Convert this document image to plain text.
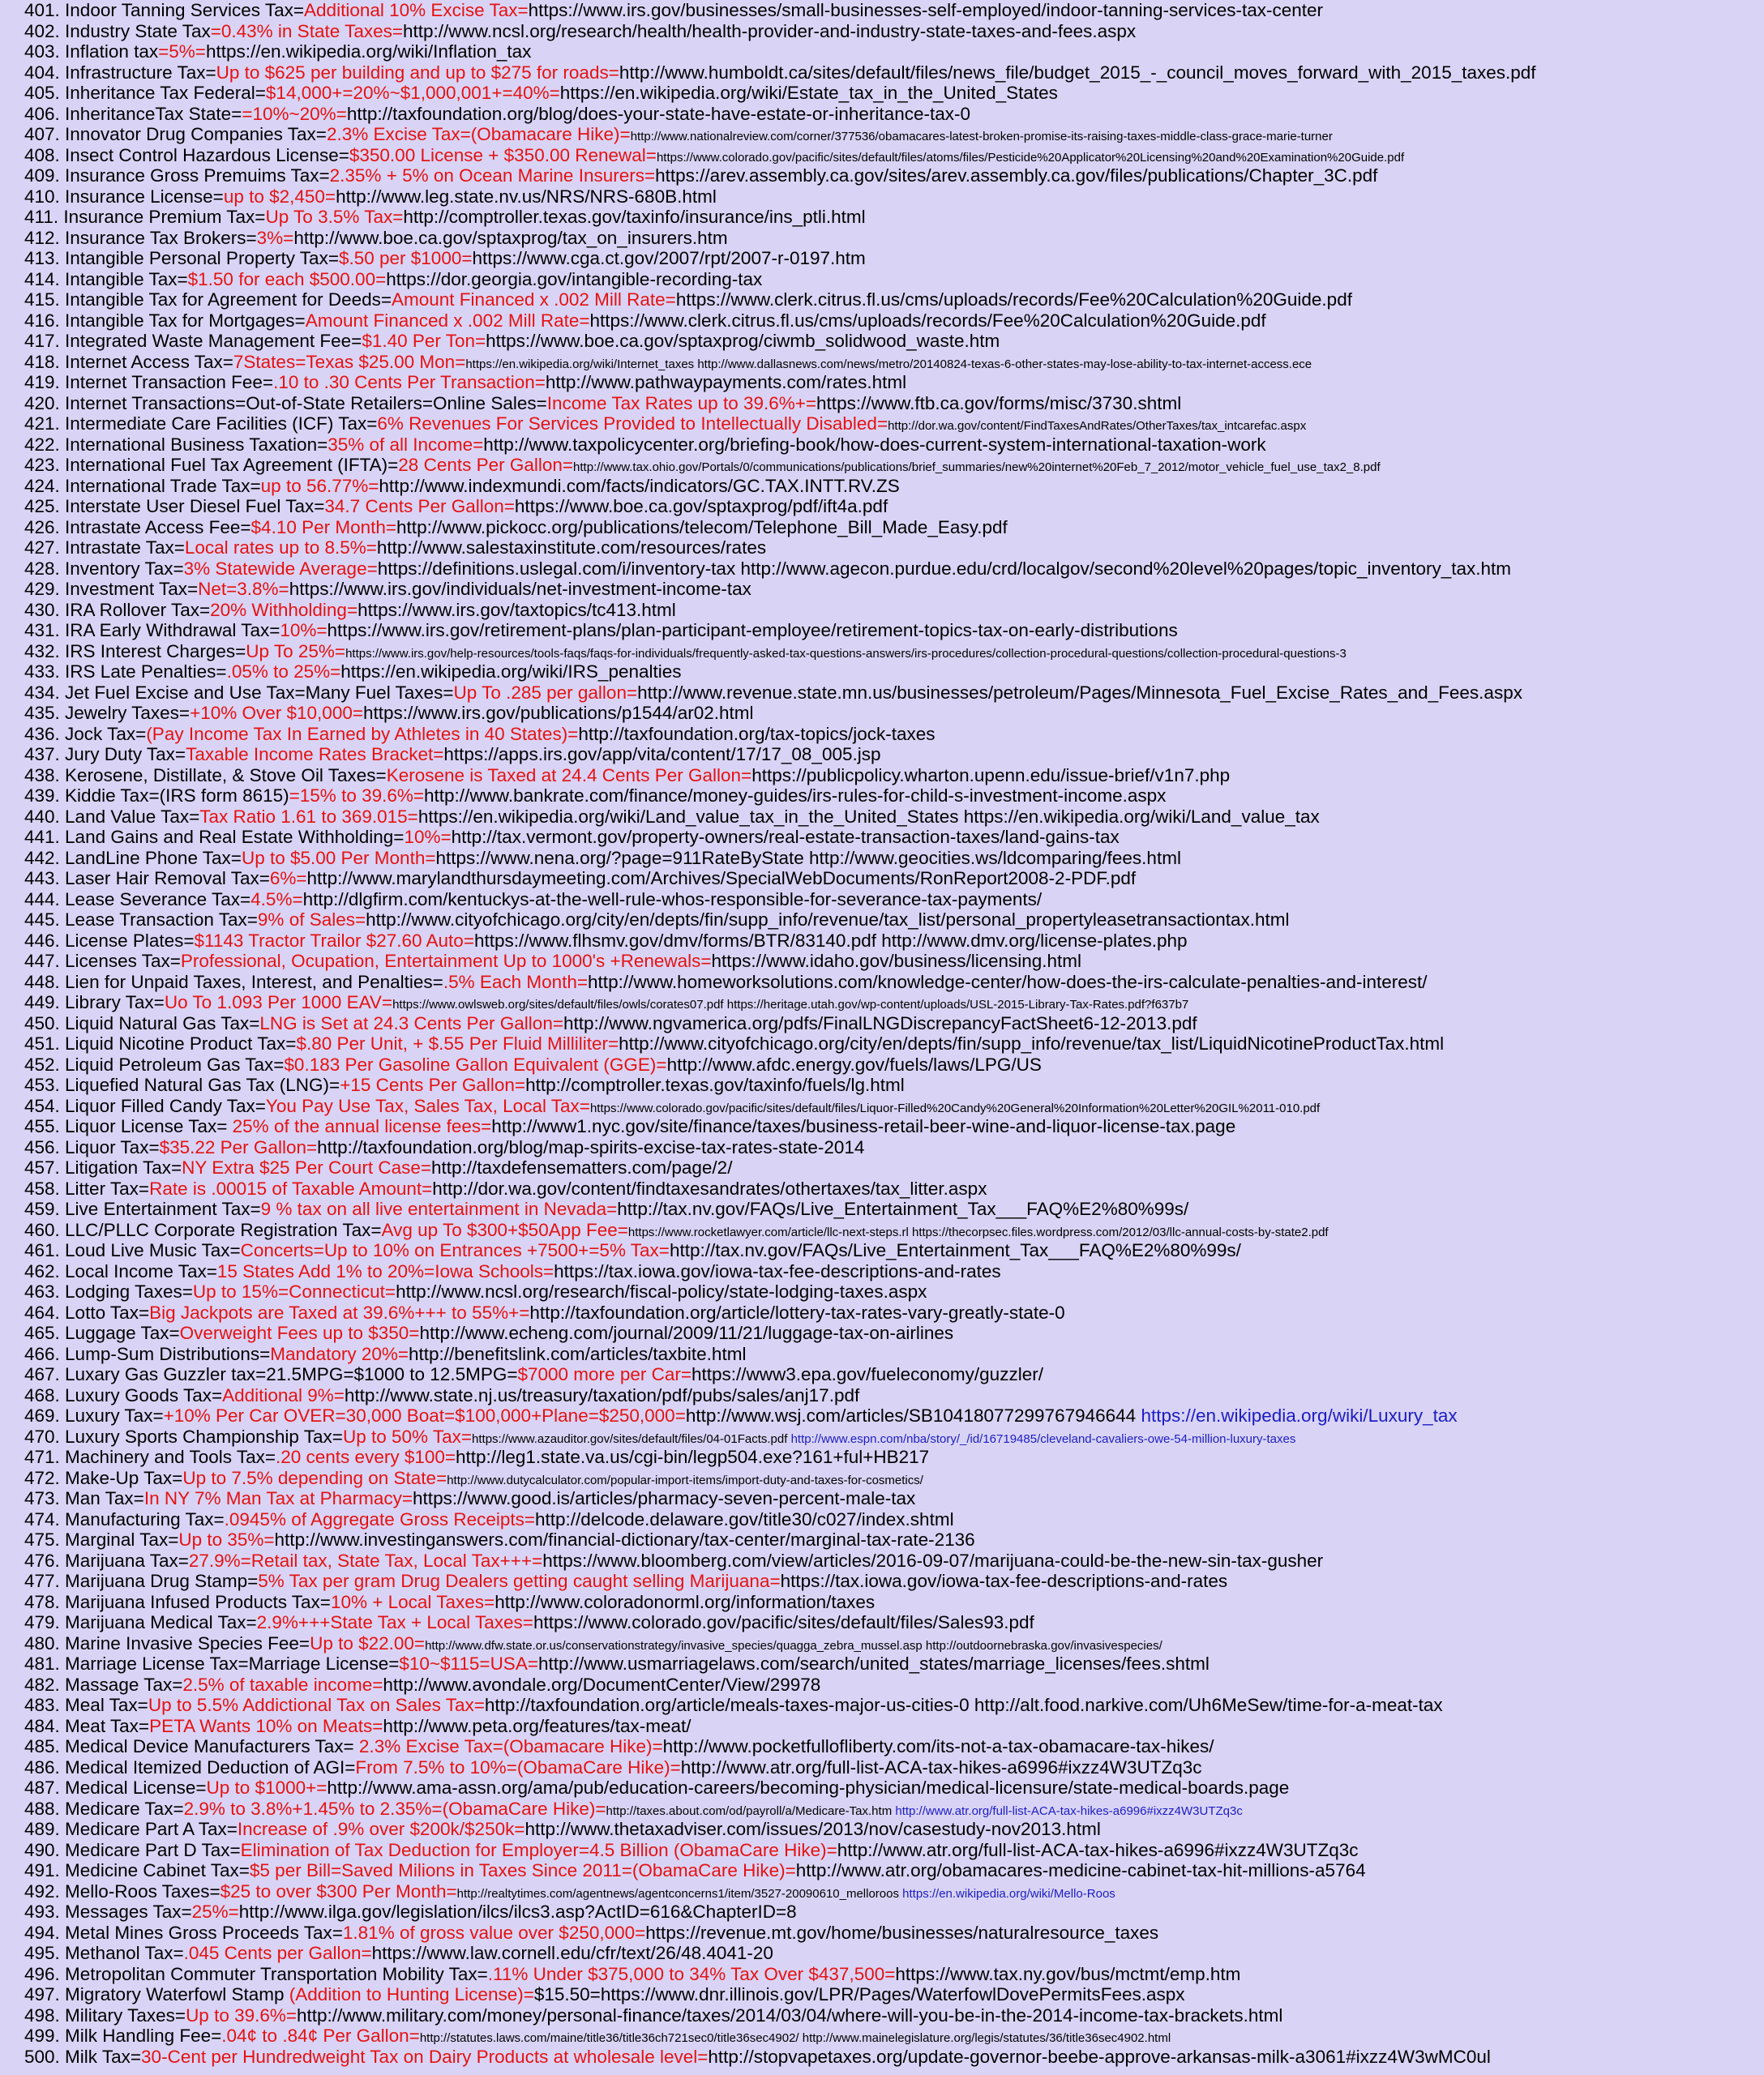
401. Indoor Tanning Services Tax=Additional 10% Excise Tax=https://www.irs.gov/businesses/small-businesses-self-employed/indoor-tanning-services-tax-center
402. Industry State Tax=0.43% in State Taxes=http://www.ncsl.org/research/health/health-provider-and-industry-state-taxes-and-fees.aspx
403. Inflation tax=5%=https://en.wikipedia.org/wiki/Inflation_tax
404. Infrastructure Tax=Up to $625 per building and up to $275 for roads=http://www.humboldt.ca/sites/default/files/news_file/budget_2015_-_council_moves_forward_with_2015_taxes.pdf
405. Inheritance Tax Federal=$14,000+=20%~$1,000,001+=40%=https://en.wikipedia.org/wiki/Estate_tax_in_the_United_States
406. InheritanceTax State==10%~20%=http://taxfoundation.org/blog/does-your-state-have-estate-or-inheritance-tax-0
407. Innovator Drug Companies Tax=2.3% Excise Tax=(Obamacare Hike)=http://www.nationalreview.com/corner/377536/obamacares-latest-broken-promise-its-raising-taxes-middle-class-grace-marie-turner
408. Insect Control Hazardous License=$350.00 License + $350.00 Renewal=https://www.colorado.gov/pacific/sites/default/files/atoms/files/Pesticide%20Applicator%20Licensing%20and%20Examination%20Guide.pdf
409. Insurance Gross Premuims Tax=2.35% + 5% on Ocean Marine Insurers=https://arev.assembly.ca.gov/sites/arev.assembly.ca.gov/files/publications/Chapter_3C.pdf
410. Insurance License=up to $2,450=http://www.leg.state.nv.us/NRS/NRS-680B.html
411. Insurance Premium Tax=Up To 3.5% Tax=http://comptroller.texas.gov/taxinfo/insurance/ins_ptli.html
412. Insurance Tax Brokers=3%=http://www.boe.ca.gov/sptaxprog/tax_on_insurers.htm
413. Intangible Personal Property Tax=$.50 per $1000=https://www.cga.ct.gov/2007/rpt/2007-r-0197.htm
414. Intangible Tax=$1.50 for each $500.00=https://dor.georgia.gov/intangible-recording-tax
415. Intangible Tax for Agreement for Deeds=Amount Financed x .002 Mill Rate=https://www.clerk.citrus.fl.us/cms/uploads/records/Fee%20Calculation%20Guide.pdf
416. Intangible Tax for Mortgages=Amount Financed x .002 Mill Rate=https://www.clerk.citrus.fl.us/cms/uploads/records/Fee%20Calculation%20Guide.pdf
417. Integrated Waste Management Fee=$1.40 Per Ton=https://www.boe.ca.gov/sptaxprog/ciwmb_solidwood_waste.htm
418. Internet Access Tax=7States=Texas $25.00 Mon=https://en.wikipedia.org/wiki/Internet_taxes http://www.dallasnews.com/news/metro/20140824-texas-6-other-states-may-lose-ability-to-tax-internet-access.ece
419. Internet Transaction Fee=.10 to .30 Cents Per Transaction=http://www.pathwaypayments.com/rates.html
420. Internet Transactions=Out-of-State Retailers=Online Sales=Income Tax Rates up to 39.6%+=https://www.ftb.ca.gov/forms/misc/3730.shtml
421. Intermediate Care Facilities (ICF) Tax=6% Revenues For Services Provided to Intellectually Disabled=http://dor.wa.gov/content/FindTaxesAndRates/OtherTaxes/tax_intcarefac.aspx
422. International Business Taxation=35% of all Income=http://www.taxpolicycenter.org/briefing-book/how-does-current-system-international-taxation-work
423. International Fuel Tax Agreement (IFTA)=28 Cents Per Gallon=http://www.tax.ohio.gov/Portals/0/communications/publications/brief_summaries/new%20internet%20Feb_7_2012/motor_vehicle_fuel_use_tax2_8.pdf
424. International Trade Tax=up to 56.77%=http://www.indexmundi.com/facts/indicators/GC.TAX.INTT.RV.ZS
425. Interstate User Diesel Fuel Tax=34.7 Cents Per Gallon=https://www.boe.ca.gov/sptaxprog/pdf/ift4a.pdf
426. Intrastate Access Fee=$4.10 Per Month=http://www.pickocc.org/publications/telecom/Telephone_Bill_Made_Easy.pdf
427. Intrastate Tax=Local rates up to 8.5%=http://www.salestaxinstitute.com/resources/rates
428. Inventory Tax=3% Statewide Average=https://definitions.uslegal.com/i/inventory-tax http://www.agecon.purdue.edu/crd/localgov/second%20level%20pages/topic_inventory_tax.htm
429. Investment Tax=Net=3.8%=https://www.irs.gov/individuals/net-investment-income-tax
430. IRA Rollover Tax=20% Withholding=https://www.irs.gov/taxtopics/tc413.html
431. IRA Early Withdrawal Tax=10%=https://www.irs.gov/retirement-plans/plan-participant-employee/retirement-topics-tax-on-early-distributions
432. IRS Interest Charges=Up To 25%=https://www.irs.gov/help-resources/tools-faqs/faqs-for-individuals/frequently-asked-tax-questions-answers/irs-procedures/collection-procedural-questions/collection-procedural-questions-3
433. IRS Late Penalties=.05% to 25%=https://en.wikipedia.org/wiki/IRS_penalties
434. Jet Fuel Excise and Use Tax=Many Fuel Taxes=Up To .285 per gallon=http://www.revenue.state.mn.us/businesses/petroleum/Pages/Minnesota_Fuel_Excise_Rates_and_Fees.aspx
435. Jewelry Taxes=+10% Over $10,000=https://www.irs.gov/publications/p1544/ar02.html
436. Jock Tax=(Pay Income Tax In Earned by Athletes in 40 States)=http://taxfoundation.org/tax-topics/jock-taxes
437. Jury Duty Tax=Taxable Income Rates Bracket=https://apps.irs.gov/app/vita/content/17/17_08_005.jsp
438. Kerosene, Distillate, & Stove Oil Taxes=Kerosene is Taxed at 24.4 Cents Per Gallon=https://publicpolicy.wharton.upenn.edu/issue-brief/v1n7.php
439. Kiddie Tax=(IRS form 8615)=15% to 39.6%=http://www.bankrate.com/finance/money-guides/irs-rules-for-child-s-investment-income.aspx
440. Land Value Tax=Tax Ratio 1.61 to 369.015=https://en.wikipedia.org/wiki/Land_value_tax_in_the_United_States https://en.wikipedia.org/wiki/Land_value_tax
441. Land Gains and Real Estate Withholding=10%=http://tax.vermont.gov/property-owners/real-estate-transaction-taxes/land-gains-tax
442. LandLine Phone Tax=Up to $5.00 Per Month=https://www.nena.org/?page=911RateByState http://www.geocities.ws/ldcomparing/fees.html
443. Laser Hair Removal Tax=6%=http://www.marylandthursdaymeeting.com/Archives/SpecialWebDocuments/RonReport2008-2-PDF.pdf
444. Lease Severance Tax=4.5%=http://dlgfirm.com/kentuckys-at-the-well-rule-whos-responsible-for-severance-tax-payments/
445. Lease Transaction Tax=9% of Sales=http://www.cityofchicago.org/city/en/depts/fin/supp_info/revenue/tax_list/personal_propertyleasetransactiontax.html
446. License Plates=$1143 Tractor Trailor $27.60 Auto=https://www.flhsmv.gov/dmv/forms/BTR/83140.pdf http://www.dmv.org/license-plates.php
447. Licenses Tax=Professional, Ocupation, Entertainment Up to 1000's +Renewals=https://www.idaho.gov/business/licensing.html
448. Lien for Unpaid Taxes, Interest, and Penalties=.5% Each Month=http://www.homeworksolutions.com/knowledge-center/how-does-the-irs-calculate-penalties-and-interest/
449. Library Tax=Uo To 1.093 Per 1000 EAV=https://www.owlsweb.org/sites/default/files/owls/corates07.pdf https://heritage.utah.gov/wp-content/uploads/USL-2015-Library-Tax-Rates.pdf?f637b7
450. Liquid Natural Gas Tax=LNG is Set at 24.3 Cents Per Gallon=http://www.ngvamerica.org/pdfs/FinalLNGDiscrepancyFactSheet6-12-2013.pdf
451. Liquid Nicotine Product Tax=$.80 Per Unit, + $.55 Per Fluid Milliliter=http://www.cityofchicago.org/city/en/depts/fin/supp_info/revenue/tax_list/LiquidNicotineProductTax.html
452. Liquid Petroleum Gas Tax=$0.183 Per Gasoline Gallon Equivalent (GGE)=http://www.afdc.energy.gov/fuels/laws/LPG/US
453. Liquefied Natural Gas Tax (LNG)=+15 Cents Per Gallon=http://comptroller.texas.gov/taxinfo/fuels/lg.html
454. Liquor Filled Candy Tax=You Pay Use Tax, Sales Tax, Local Tax=https://www.colorado.gov/pacific/sites/default/files/Liquor-Filled%20Candy%20General%20Information%20Letter%20GIL%2011-010.pdf
455. Liquor License Tax= 25% of the annual license fees=http://www1.nyc.gov/site/finance/taxes/business-retail-beer-wine-and-liquor-license-tax.page
456. Liquor Tax=$35.22 Per Gallon=http://taxfoundation.org/blog/map-spirits-excise-tax-rates-state-2014
457. Litigation Tax=NY Extra $25 Per Court Case=http://taxdefensematters.com/page/2/
458. Litter Tax=Rate is .00015 of Taxable Amount=http://dor.wa.gov/content/findtaxesandrates/othertaxes/tax_litter.aspx
459. Live Entertainment Tax=9 % tax on all live entertainment in Nevada=http://tax.nv.gov/FAQs/Live_Entertainment_Tax___FAQ%E2%80%99s/
460. LLC/PLLC Corporate Registration Tax=Avg up To $300+$50App Fee=https://www.rocketlawyer.com/article/llc-next-steps.rl https://thecorpsec.files.wordpress.com/2012/03/llc-annual-costs-by-state2.pdf
461. Loud Live Music Tax=Concerts=Up to 10% on Entrances +7500+=5% Tax=http://tax.nv.gov/FAQs/Live_Entertainment_Tax___FAQ%E2%80%99s/
462. Local Income Tax=15 States Add 1% to 20%=Iowa Schools=https://tax.iowa.gov/iowa-tax-fee-descriptions-and-rates
463. Lodging Taxes=Up to 15%=Connecticut=http://www.ncsl.org/research/fiscal-policy/state-lodging-taxes.aspx
464. Lotto Tax=Big Jackpots are Taxed at 39.6%+++ to 55%+=http://taxfoundation.org/article/lottery-tax-rates-vary-greatly-state-0
465. Luggage Tax=Overweight Fees up to $350=http://www.echeng.com/journal/2009/11/21/luggage-tax-on-airlines
466. Lump-Sum Distributions=Mandatory 20%=http://benefitslink.com/articles/taxbite.html
467. Luxary Gas Guzzler tax=21.5MPG=$1000 to 12.5MPG=$7000 more per Car=https://www3.epa.gov/fueleconomy/guzzler/
468. Luxury Goods Tax=Additional 9%=http://www.state.nj.us/treasury/taxation/pdf/pubs/sales/anj17.pdf
469. Luxury Tax=+10% Per Car OVER=30,000 Boat=$100,000+Plane=$250,000=http://www.wsj.com/articles/SB10418077299767946644 https://en.wikipedia.org/wiki/Luxury_tax
470. Luxury Sports Championship Tax=Up to 50% Tax=https://www.azauditor.gov/sites/default/files/04-01Facts.pdf http://www.espn.com/nba/story/_/id/16719485/cleveland-cavaliers-owe-54-million-luxury-taxes
471. Machinery and Tools Tax=.20 cents every $100=http://leg1.state.va.us/cgi-bin/legp504.exe?161+ful+HB217
472. Make-Up Tax=Up to 7.5% depending on State=http://www.dutycalculator.com/popular-import-items/import-duty-and-taxes-for-cosmetics/
473. Man Tax=In NY 7% Man Tax at Pharmacy=https://www.good.is/articles/pharmacy-seven-percent-male-tax
474. Manufacturing Tax=.0945% of Aggregate Gross Receipts=http://delcode.delaware.gov/title30/c027/index.shtml
475. Marginal Tax=Up to 35%=http://www.investinganswers.com/financial-dictionary/tax-center/marginal-tax-rate-2136
476. Marijuana Tax=27.9%=Retail tax, State Tax, Local Tax+++=https://www.bloomberg.com/view/articles/2016-09-07/marijuana-could-be-the-new-sin-tax-gusher
477. Marijuana Drug Stamp=5% Tax per gram Drug Dealers getting caught selling Marijuana=https://tax.iowa.gov/iowa-tax-fee-descriptions-and-rates
478. Marijuana Infused Products Tax=10% + Local Taxes=http://www.coloradonorml.org/information/taxes
479. Marijuana Medical Tax=2.9%+++State Tax + Local Taxes=https://www.colorado.gov/pacific/sites/default/files/Sales93.pdf
480. Marine Invasive Species Fee=Up to $22.00=http://www.dfw.state.or.us/conservationstrategy/invasive_species/quagga_zebra_mussel.asp http://outdoornebraska.gov/invasivespecies/
481. Marriage License Tax=Marriage License=$10~$115=USA=http://www.usmarriagelaws.com/search/united_states/marriage_licenses/fees.shtml
482. Massage Tax=2.5% of taxable income=http://www.avondale.org/DocumentCenter/View/29978
483. Meal Tax=Up to 5.5% Addictional Tax on Sales Tax=http://taxfoundation.org/article/meals-taxes-major-us-cities-0 http://alt.food.narkive.com/Uh6MeSew/time-for-a-meat-tax
484. Meat Tax=PETA Wants 10% on Meats=http://www.peta.org/features/tax-meat/
485. Medical Device Manufacturers Tax= 2.3% Excise Tax=(Obamacare Hike)=http://www.pocketfullofliberty.com/its-not-a-tax-obamacare-tax-hikes/
486. Medical Itemized Deduction of AGI=From 7.5% to 10%=(ObamaCare Hike)=http://www.atr.org/full-list-ACA-tax-hikes-a6996#ixzz4W3UTZq3c
487. Medical License=Up to $1000+=http://www.ama-assn.org/ama/pub/education-careers/becoming-physician/medical-licensure/state-medical-boards.page
488. Medicare Tax=2.9% to 3.8%+1.45% to 2.35%=(ObamaCare Hike)=http://taxes.about.com/od/payroll/a/Medicare-Tax.htm http://www.atr.org/full-list-ACA-tax-hikes-a6996#ixzz4W3UTZq3c
489. Medicare Part A Tax=Increase of .9% over $200k/$250k=http://www.thetaxadviser.com/issues/2013/nov/casestudy-nov2013.html
490. Medicare Part D Tax=Elimination of Tax Deduction for Employer=4.5 Billion (ObamaCare Hike)=http://www.atr.org/full-list-ACA-tax-hikes-a6996#ixzz4W3UTZq3c
491. Medicine Cabinet Tax=$5 per Bill=Saved Milions in Taxes Since 2011=(ObamaCare Hike)=http://www.atr.org/obamacares-medicine-cabinet-tax-hit-millions-a5764
492. Mello-Roos Taxes=$25 to over $300 Per Month=http://realtytimes.com/agentnews/agentconcerns1/item/3527-20090610_melloroos https://en.wikipedia.org/wiki/Mello-Roos
493. Messages Tax=25%=http://www.ilga.gov/legislation/ilcs/ilcs3.asp?ActID=616&ChapterID=8
494. Metal Mines Gross Proceeds Tax=1.81% of gross value over $250,000=https://revenue.mt.gov/home/businesses/naturalresource_taxes
495. Methanol Tax=.045 Cents per Gallon=https://www.law.cornell.edu/cfr/text/26/48.4041-20
496. Metropolitan Commuter Transportation Mobility Tax=.11% Under $375,000 to 34% Tax Over $437,500=https://www.tax.ny.gov/bus/mctmt/emp.htm
497. Migratory Waterfowl Stamp (Addition to Hunting License)=$15.50=https://www.dnr.illinois.gov/LPR/Pages/WaterfowlDovePermitsFees.aspx
498. Military Taxes=Up to 39.6%=http://www.military.com/money/personal-finance/taxes/2014/03/04/where-will-you-be-in-the-2014-income-tax-brackets.html
499. Milk Handling Fee=.04¢ to .84¢ Per Gallon=http://statutes.laws.com/maine/title36/title36ch721sec0/title36sec4902/ http://www.mainelegislature.org/legis/statutes/36/title36sec4902.html
500. Milk Tax=30-Cent per Hundredweight Tax on Dairy Products at wholesale level=http://stopvapetaxes.org/update-governor-beebe-approve-arkansas-milk-a3061#ixzz4W3wMC0ul
